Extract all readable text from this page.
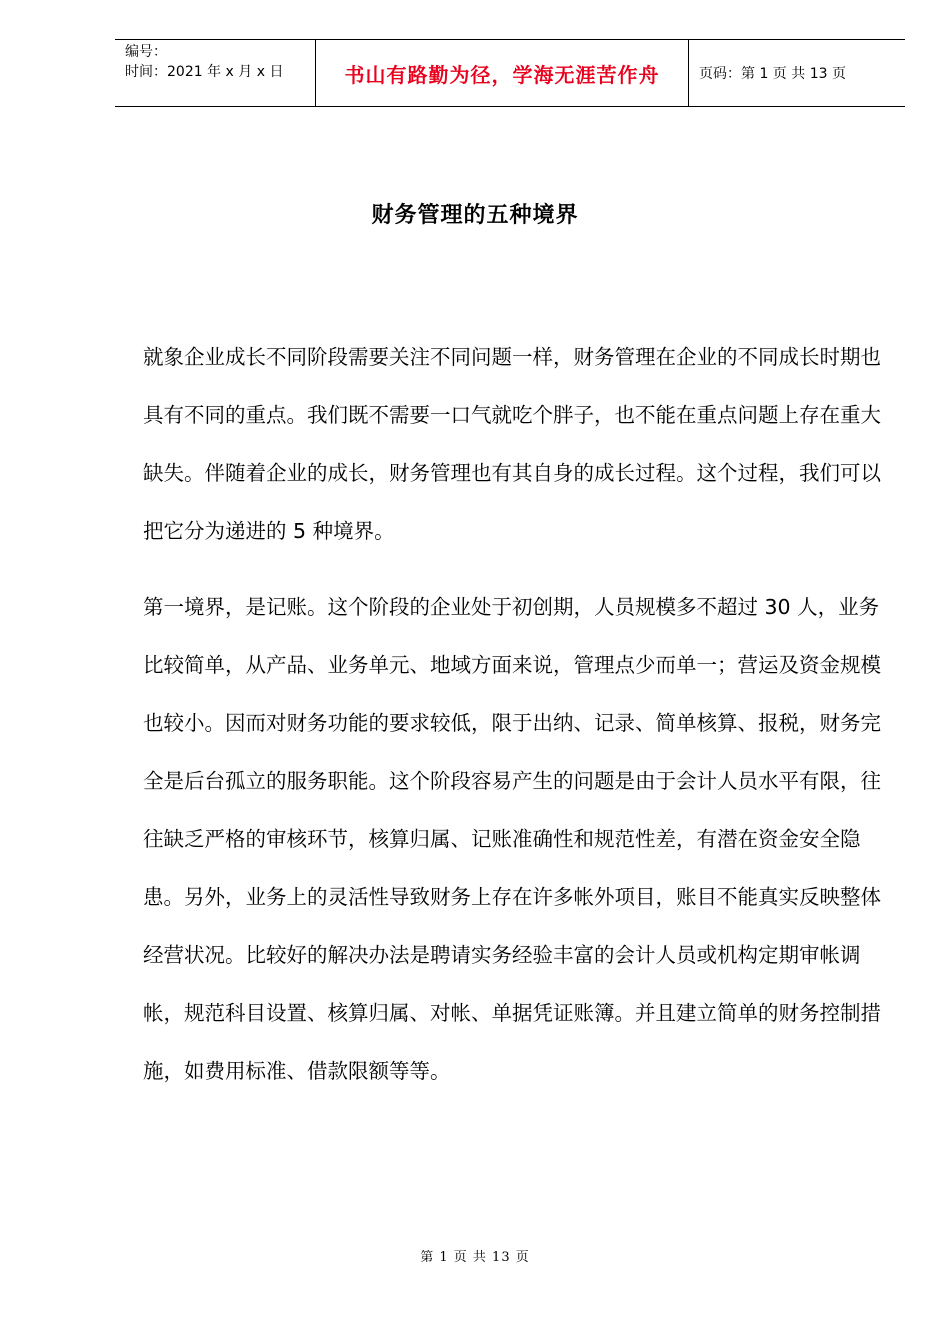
编号：
时间：2021 年 x 月 x 日	书山有路勤为径，学海无涯苦作舟	页码：第 1 页 共 13 页
财务管理的五种境界

就象企业成长不同阶段需要关注不同问题一样，财务管理在企业的不同成长时期也具有不同的重点。我们既不需要一口气就吃个胖子，也不能在重点问题上存在重大缺失。伴随着企业的成长，财务管理也有其自身的成长过程。这个过程，我们可以把它分为递进的 5 种境界。

第一境界，是记账。这个阶段的企业处于初创期，人员规模多不超过 30 人，业务比较简单，从产品、业务单元、地域方面来说，管理点少而单一；营运及资金规模也较小。因而对财务功能的要求较低，限于出纳、记录、简单核算、报税，财务完全是后台孤立的服务职能。这个阶段容易产生的问题是由于会计人员水平有限，往往缺乏严格的审核环节，核算归属、记账准确性和规范性差，有潜在资金安全隐患。另外，业务上的灵活性导致财务上存在许多帐外项目，账目不能真实反映整体经营状况。比较好的解决办法是聘请实务经验丰富的会计人员或机构定期审帐调帐，规范科目设置、核算归属、对帐、单据凭证账簿。并且建立简单的财务控制措施，如费用标准、借款限额等等。

第 1 页 共 13 页
